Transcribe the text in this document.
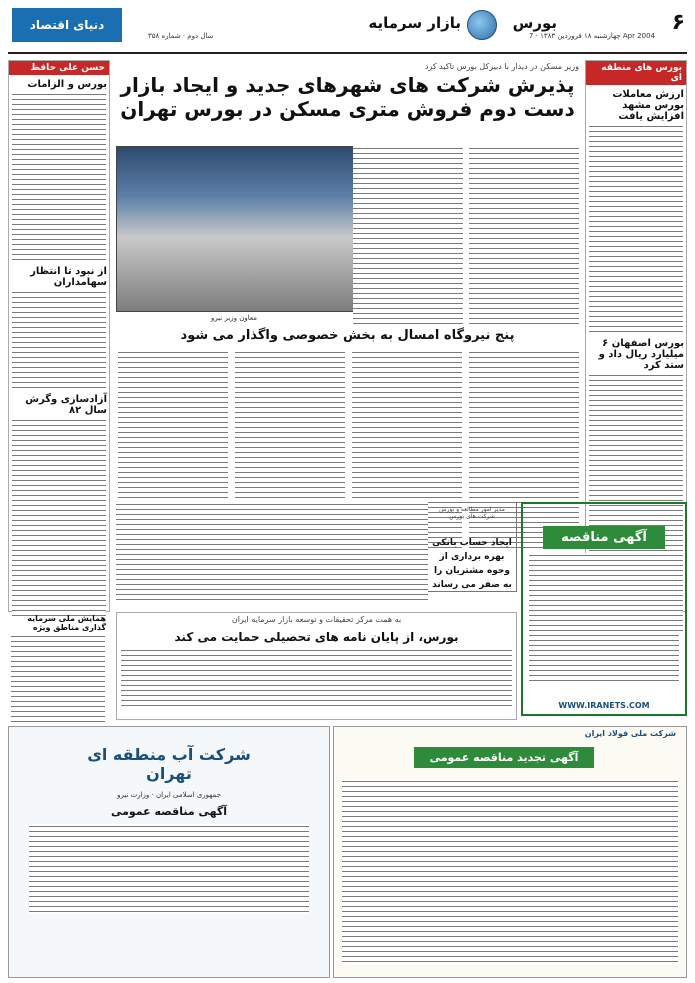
۶
چهارشنبه ۱۸ فروردین ۱۳۸۳ · 7 Apr 2004
بورس
بازار سرمایه
سال دوم · شماره ۳۵۸
دنیای اقتصاد
بورس های منطقه ای
ارزش معاملات بورس مشهد افزایش یافت
بورس اصفهان ۶ میلیارد ریال داد و ستد کرد
حسن علی حافظ
بورس و الزامات
از نبود تا انتظار سهامداران
آزادسازی وگرش سال ۸۲
وزیر مسکن در دیدار با دبیرکل بورس تاکید کرد
پذیرش شرکت های شهرهای جدید و ایجاد بازار دست دوم فروش متری مسکن در بورس تهران
معاون وزیر نیرو
پنج نیروگاه امسال به بخش خصوصی واگذار می شود
آگهی مناقصه
WWW.IRANETS.COM
مدیر امور مطالعه و بورس شرکت های بورس
ایجاد حساب بانکی بهره برداری از وجوه مشتریان را به صفر می رساند
به همت مرکز تحقیقات و توسعه بازار سرمایه ایران
بورس، از پایان نامه های تحصیلی حمایت می کند
همایش ملی سرمایه گذاری مناطق ویژه
شرکت آب منطقه ای تهران
جمهوری اسلامی ایران · وزارت نیرو
آگهی مناقصه عمومی
شرکت ملی فولاد ایران
آگهی تجدید مناقصه عمومی
